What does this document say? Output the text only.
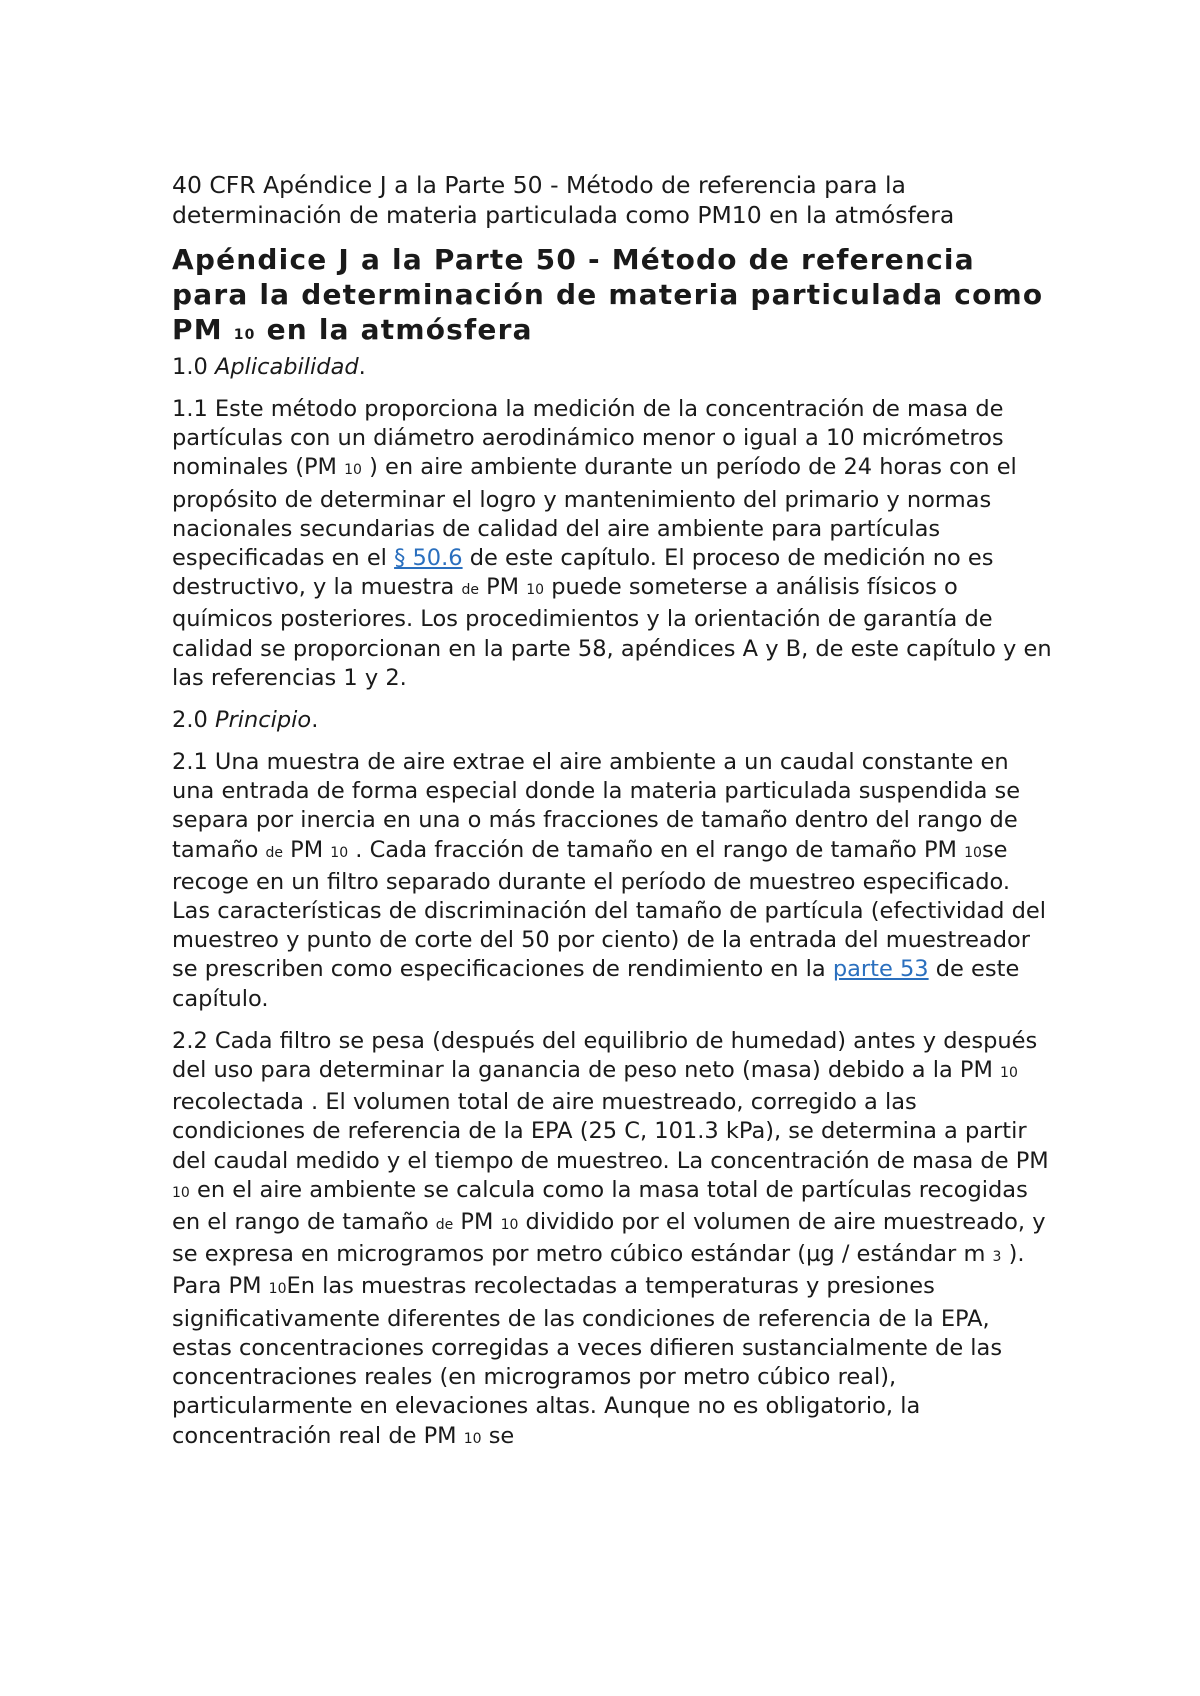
40 CFR Apéndice J a la Parte 50 - Método de referencia para la determinación de materia particulada como PM10 en la atmósfera

Apéndice J a la Parte 50 - Método de referencia para la determinación de materia particulada como PM 10 en la atmósfera

1.0 Aplicabilidad.

1.1 Este método proporciona la medición de la concentración de masa de partículas con un diámetro aerodinámico menor o igual a 10 micrómetros nominales (PM 10 ) en aire ambiente durante un período de 24 horas con el propósito de determinar el logro y mantenimiento del primario y normas nacionales secundarias de calidad del aire ambiente para partículas especificadas en el § 50.6 de este capítulo. El proceso de medición no es destructivo, y la muestra de PM 10 puede someterse a análisis físicos o químicos posteriores. Los procedimientos y la orientación de garantía de calidad se proporcionan en la parte 58, apéndices A y B, de este capítulo y en las referencias 1 y 2.

2.0 Principio.

2.1 Una muestra de aire extrae el aire ambiente a un caudal constante en una entrada de forma especial donde la materia particulada suspendida se separa por inercia en una o más fracciones de tamaño dentro del rango de tamaño de PM 10 . Cada fracción de tamaño en el rango de tamaño PM 10se recoge en un filtro separado durante el período de muestreo especificado. Las características de discriminación del tamaño de partícula (efectividad del muestreo y punto de corte del 50 por ciento) de la entrada del muestreador se prescriben como especificaciones de rendimiento en la parte 53 de este capítulo.

2.2 Cada filtro se pesa (después del equilibrio de humedad) antes y después del uso para determinar la ganancia de peso neto (masa) debido a la PM 10 recolectada . El volumen total de aire muestreado, corregido a las condiciones de referencia de la EPA (25 C, 101.3 kPa), se determina a partir del caudal medido y el tiempo de muestreo. La concentración de masa de PM 10 en el aire ambiente se calcula como la masa total de partículas recogidas en el rango de tamaño de PM 10 dividido por el volumen de aire muestreado, y se expresa en microgramos por metro cúbico estándar (µg / estándar m 3 ). Para PM 10En las muestras recolectadas a temperaturas y presiones significativamente diferentes de las condiciones de referencia de la EPA, estas concentraciones corregidas a veces difieren sustancialmente de las concentraciones reales (en microgramos por metro cúbico real), particularmente en elevaciones altas. Aunque no es obligatorio, la concentración real de PM 10 se
